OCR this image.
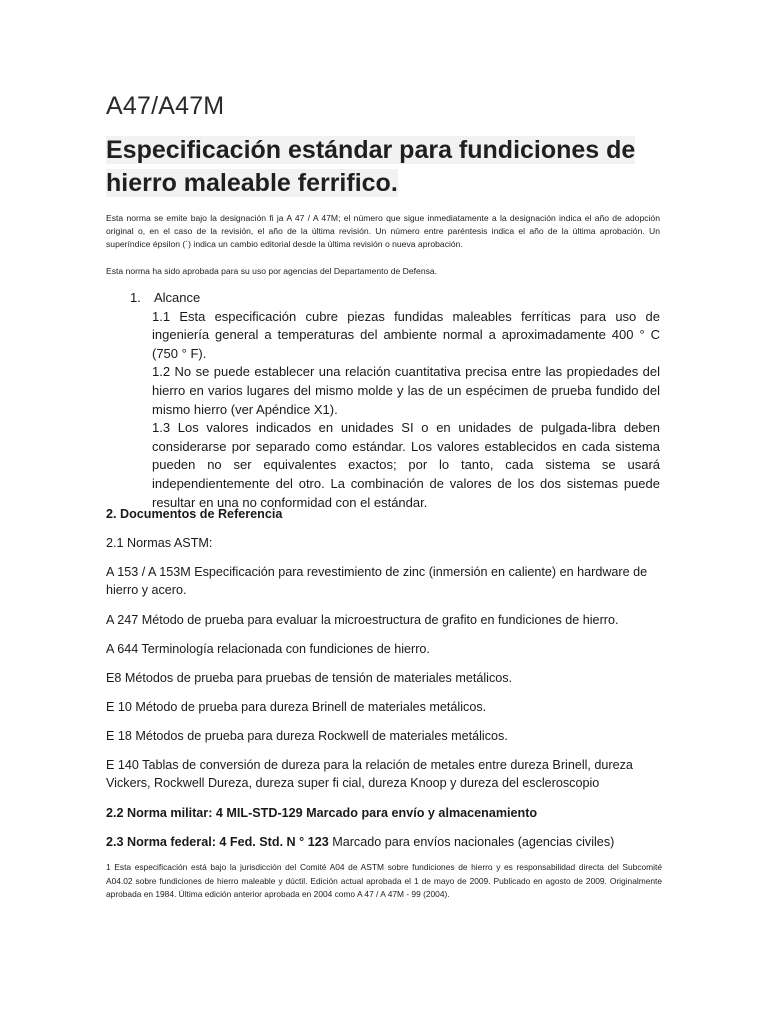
A47/A47M
Especificación estándar para fundiciones de hierro maleable ferrifico.

Esta norma se emite bajo la designación fi ja A 47 / A 47M; el número que sigue inmediatamente a la designación indica el año de adopción original o, en el caso de la revisión, el año de la última revisión. Un número entre paréntesis indica el año de la última aprobación. Un superíndice épsilon (´) indica un cambio editorial desde la última revisión o nueva aprobación.

Esta norma ha sido aprobada para su uso por agencias del Departamento de Defensa.

1. Alcance
1.1 Esta especificación cubre piezas fundidas maleables ferríticas para uso de ingeniería general a temperaturas del ambiente normal a aproximadamente 400 ° C (750 ° F).
1.2 No se puede establecer una relación cuantitativa precisa entre las propiedades del hierro en varios lugares del mismo molde y las de un espécimen de prueba fundido del mismo hierro (ver Apéndice X1).
1.3 Los valores indicados en unidades SI o en unidades de pulgada-libra deben considerarse por separado como estándar. Los valores establecidos en cada sistema pueden no ser equivalentes exactos; por lo tanto, cada sistema se usará independientemente del otro. La combinación de valores de los dos sistemas puede resultar en una no conformidad con el estándar.

2. Documentos de Referencia

2.1 Normas ASTM:

A 153 / A 153M Especificación para revestimiento de zinc (inmersión en caliente) en hardware de hierro y acero.

A 247 Método de prueba para evaluar la microestructura de grafito en fundiciones de hierro.

A 644 Terminología relacionada con fundiciones de hierro.

E8 Métodos de prueba para pruebas de tensión de materiales metálicos.

E 10 Método de prueba para dureza Brinell de materiales metálicos.

E 18 Métodos de prueba para dureza Rockwell de materiales metálicos.

E 140 Tablas de conversión de dureza para la relación de metales entre dureza Brinell, dureza Vickers, Rockwell Dureza, dureza super fi cial, dureza Knoop y dureza del escleroscopio

2.2 Norma militar: 4 MIL-STD-129 Marcado para envío y almacenamiento

2.3 Norma federal: 4 Fed. Std. N ° 123 Marcado para envíos nacionales (agencias civiles)

1 Esta especificación está bajo la jurisdicción del Comité A04 de ASTM sobre fundiciones de hierro y es responsabilidad directa del Subcomité A04.02 sobre fundiciones de hierro maleable y dúctil. Edición actual aprobada el 1 de mayo de 2009. Publicado en agosto de 2009. Originalmente aprobada en 1984. Última edición anterior aprobada en 2004 como A 47 / A 47M - 99 (2004).
